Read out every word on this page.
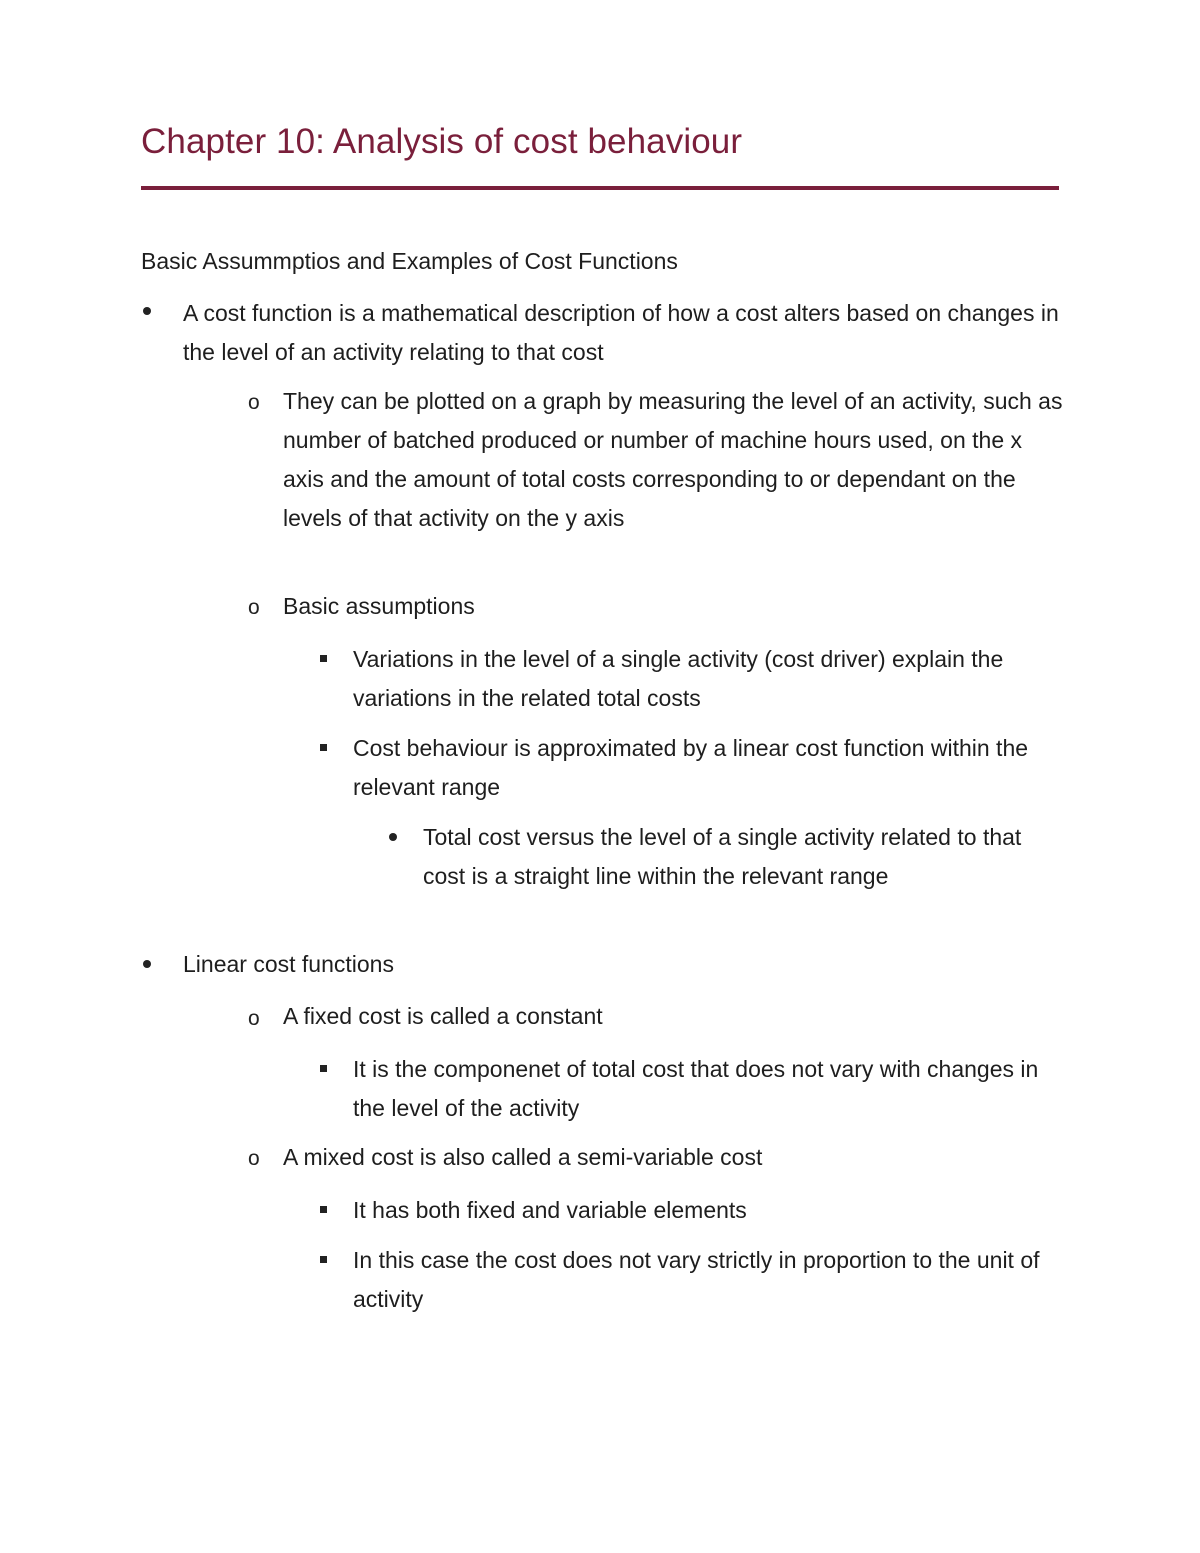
Chapter 10: Analysis of cost behaviour
Basic Assummptios and Examples of Cost Functions

A cost function is a mathematical description of how a cost alters based on changes in the level of an activity relating to that cost

o They can be plotted on a graph by measuring the level of an activity, such as number of batched produced or number of machine hours used, on the x axis and the amount of total costs corresponding to or dependant on the levels of that activity on the y axis

o Basic assumptions

Variations in the level of a single activity (cost driver) explain the variations in the related total costs

Cost behaviour is approximated by a linear cost function within the relevant range

Total cost versus the level of a single activity related to that cost is a straight line within the relevant range

Linear cost functions

o A fixed cost is called a constant

It is the componenet of total cost that does not vary with changes in the level of the activity

o A mixed cost is also called a semi-variable cost

It has both fixed and variable elements

In this case the cost does not vary strictly in proportion to the unit of activity
